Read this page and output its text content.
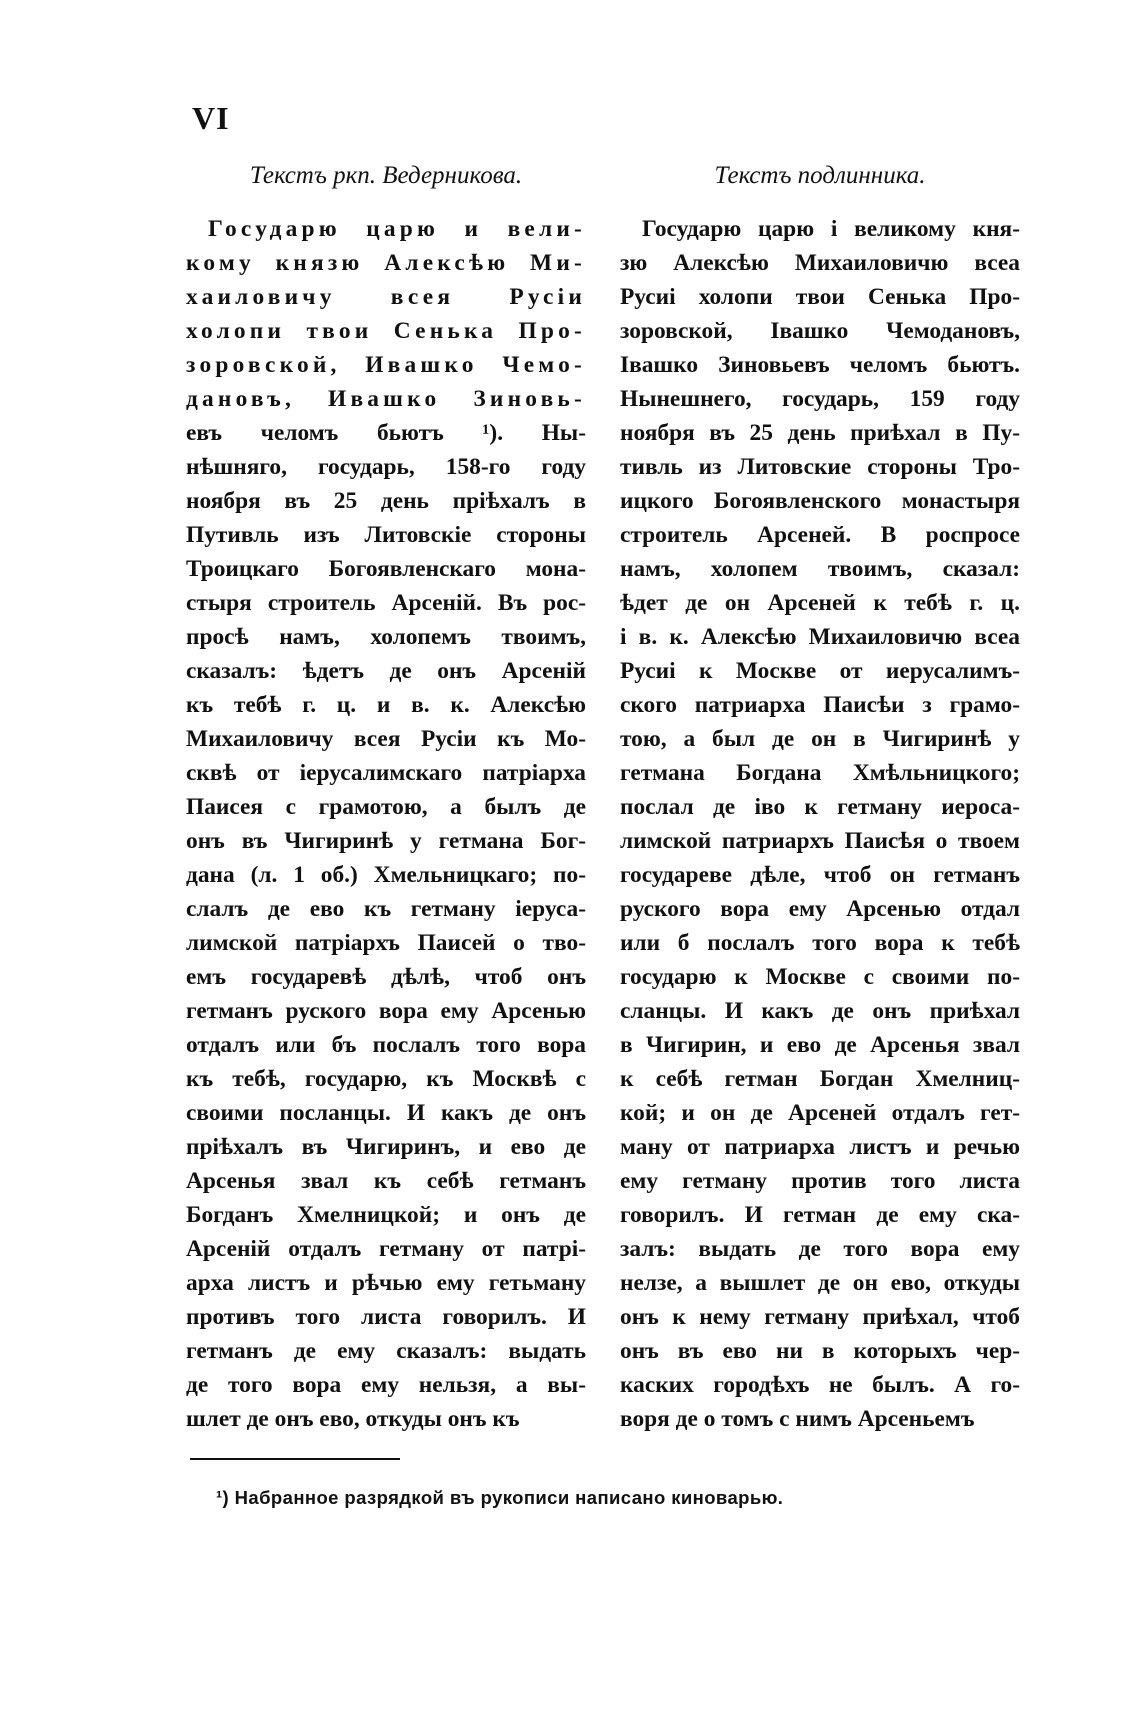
VI
Текстъ ркп. Ведерникова.
Государю царю и вели-
кому князю Алексѣю Ми-
хаиловичу всея Русіи
холопи твои Сенька Про-
зоровской, Ивашко Чемо-
дановъ, Ивашко Зиновь-
евъ челомъ бьютъ ¹). Ны-
нѣшняго, государь, 158-го году
ноября въ 25 день пріѣхалъ в
Путивль изъ Литовскіе стороны
Троицкаго Богоявленскаго мона-
стыря строитель Арсеній. Въ рос-
просѣ намъ, холопемъ твоимъ,
сказалъ: ѣдетъ де онъ Арсеній
къ тебѣ г. ц. и в. к. Алексѣю
Михаиловичу всея Русіи къ Мо-
сквѣ от іерусалимскаго патріарха
Паисея с грамотою, а былъ де
онъ въ Чигиринѣ у гетмана Бог-
дана (л. 1 об.) Хмельницкаго; по-
слалъ де ево къ гетману іеруса-
лимской патріархъ Паисей о тво-
емъ государевѣ дѣлѣ, чтоб онъ
гетманъ руского вора ему Арсенью
отдалъ или бъ послалъ того вора
къ тебѣ, государю, къ Москвѣ с
своими посланцы. И какъ де онъ
пріѣхалъ въ Чигиринъ, и ево де
Арсенья звал къ себѣ гетманъ
Богданъ Хмелницкой; и онъ де
Арсеній отдалъ гетману от патрі-
арха листъ и рѣчью ему гетьману
противъ того листа говорилъ. И
гетманъ де ему сказалъ: выдать
де того вора ему нельзя, а вы-
шлет де онъ ево, откуды онъ къ
Текстъ подлинника.
Государю царю і великому кня-
зю Алексѣю Михаиловичю всеа
Русиі холопи твои Сенька Про-
зоровской, Івашко Чемодановъ,
Івашко Зиновьевъ челомъ бьютъ.
Нынешнего, государь, 159 году
ноября въ 25 день приѣхал в Пу-
тивль из Литовские стороны Тро-
ицкого Богоявленского монастыря
строитель Арсеней. В роспросе
намъ, холопем твоимъ, сказал:
ѣдет де он Арсеней к тебѣ г. ц.
і в. к. Алексѣю Михаиловичю всеа
Русиі к Москве от иерусалимъ-
ского патриарха Паисѣи з грамо-
тою, а был де он в Чигиринѣ у
гетмана Богдана Хмѣльницкого;
послал де іво к гетману иероса-
лимской патриархъ Паисѣя о твоем
государеве дѣле, чтоб он гетманъ
руского вора ему Арсенью отдал
или б послалъ того вора к тебѣ
государю к Москве с своими по-
сланцы. И какъ де онъ приѣхал
в Чигирин, и ево де Арсенья звал
к себѣ гетман Богдан Хмелниц-
кой; и он де Арсеней отдалъ гет-
ману от патриарха листъ и речью
ему гетману против того листа
говорилъ. И гетман де ему ска-
залъ: выдать де того вора ему
нелзе, а вышлет де он ево, откуды
онъ к нему гетману приѣхал, чтоб
онъ въ ево ни в которыхъ чер-
каских городѣхъ не былъ. А го-
воря де о томъ с нимъ Арсеньемъ
¹) Набранное разрядкой въ рукописи написано киноварью.
